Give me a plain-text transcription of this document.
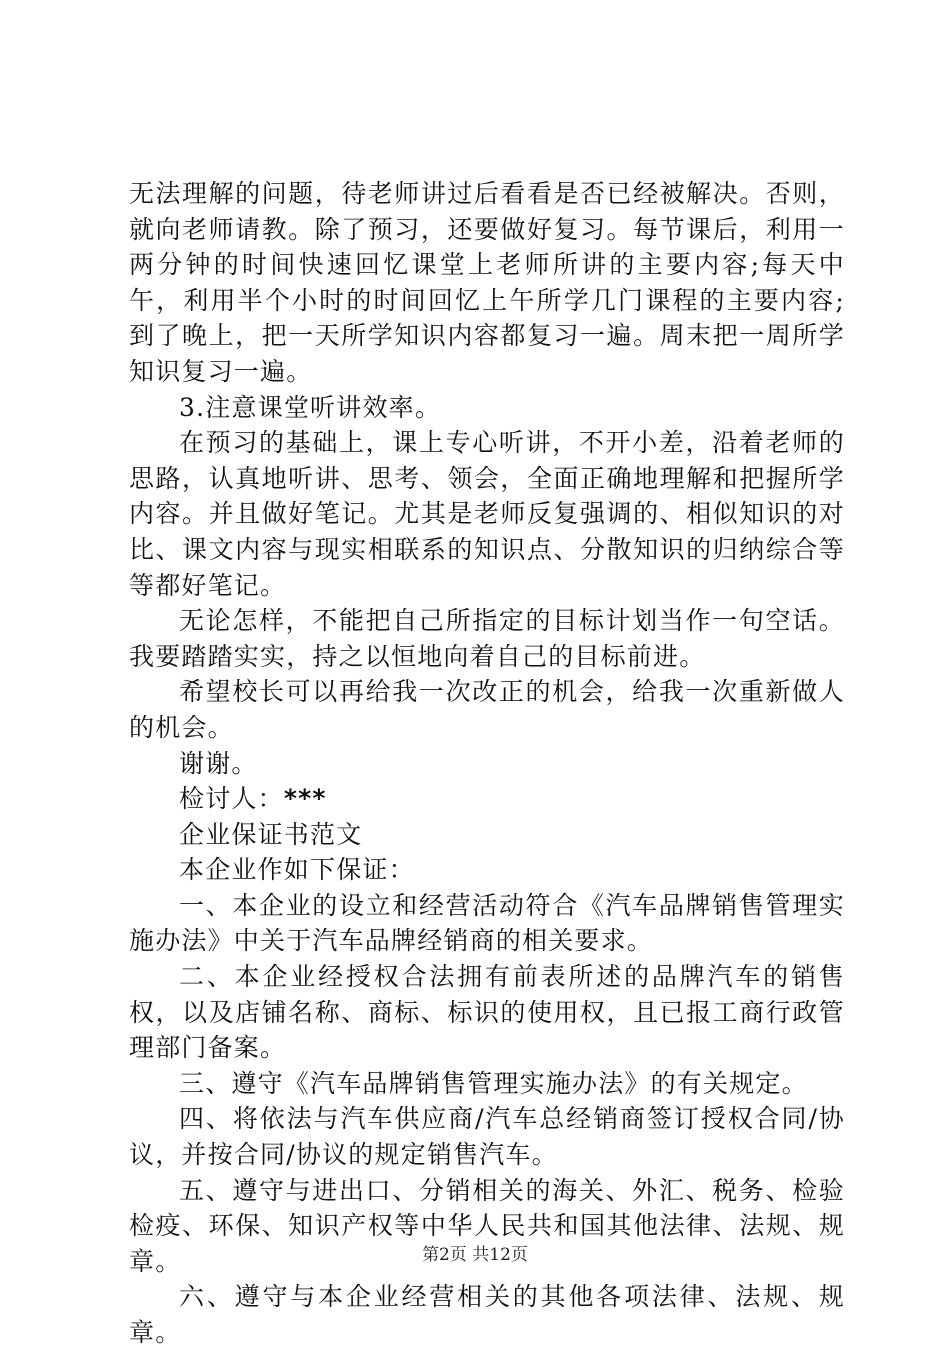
无法理解的问题，待老师讲过后看看是否已经被解决。否则，就向老师请教。除了预习，还要做好复习。每节课后，利用一两分钟的时间快速回忆课堂上老师所讲的主要内容;每天中午，利用半个小时的时间回忆上午所学几门课程的主要内容;到了晚上，把一天所学知识内容都复习一遍。周末把一周所学知识复习一遍。

3.注意课堂听讲效率。

在预习的基础上，课上专心听讲，不开小差，沿着老师的思路，认真地听讲、思考、领会，全面正确地理解和把握所学内容。并且做好笔记。尤其是老师反复强调的、相似知识的对比、课文内容与现实相联系的知识点、分散知识的归纳综合等等都好笔记。

无论怎样，不能把自己所指定的目标计划当作一句空话。我要踏踏实实，持之以恒地向着自己的目标前进。

希望校长可以再给我一次改正的机会，给我一次重新做人的机会。

谢谢。

检讨人：***

企业保证书范文

本企业作如下保证：

一、本企业的设立和经营活动符合《汽车品牌销售管理实施办法》中关于汽车品牌经销商的相关要求。

二、本企业经授权合法拥有前表所述的品牌汽车的销售权，以及店铺名称、商标、标识的使用权，且已报工商行政管理部门备案。

三、遵守《汽车品牌销售管理实施办法》的有关规定。

四、将依法与汽车供应商/汽车总经销商签订授权合同/协议，并按合同/协议的规定销售汽车。

五、遵守与进出口、分销相关的海关、外汇、税务、检验检疫、环保、知识产权等中华人民共和国其他法律、法规、规章。

六、遵守与本企业经营相关的其他各项法律、法规、规章。

第2页 共12页
